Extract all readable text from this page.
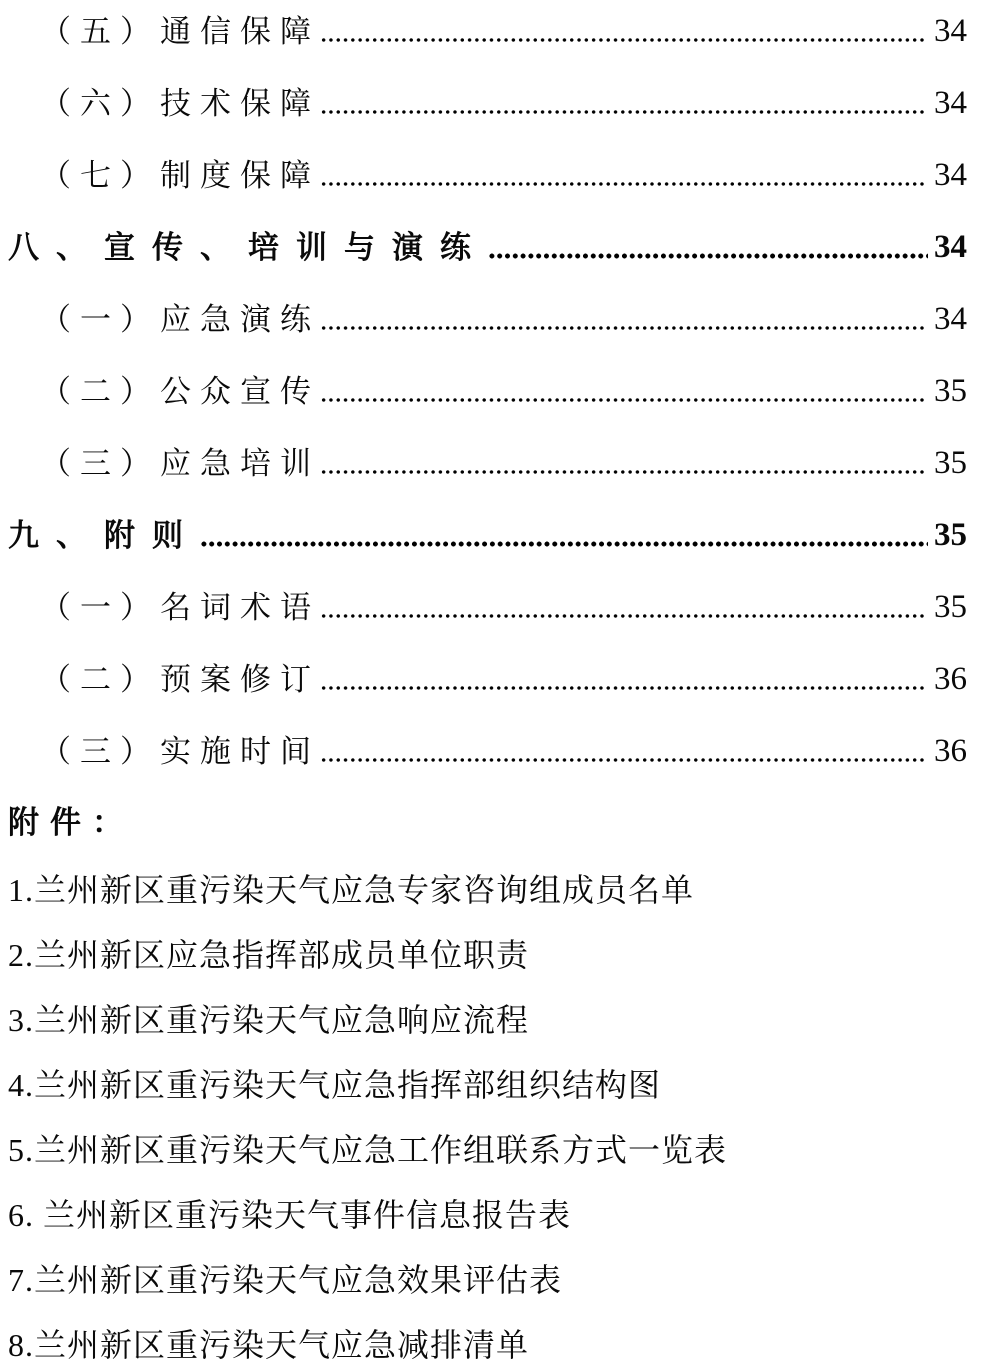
（五）通信保障	34
（六）技术保障	34
（七）制度保障	34
八、宣传、培训与演练	34
（一）应急演练	34
（二）公众宣传	35
（三）应急培训	35
九、附则	35
（一）名词术语	35
（二）预案修订	36
（三）实施时间	36
附件：
1.兰州新区重污染天气应急专家咨询组成员名单
2.兰州新区应急指挥部成员单位职责
3.兰州新区重污染天气应急响应流程
4.兰州新区重污染天气应急指挥部组织结构图
5.兰州新区重污染天气应急工作组联系方式一览表
6. 兰州新区重污染天气事件信息报告表
7.兰州新区重污染天气应急效果评估表
8.兰州新区重污染天气应急减排清单
